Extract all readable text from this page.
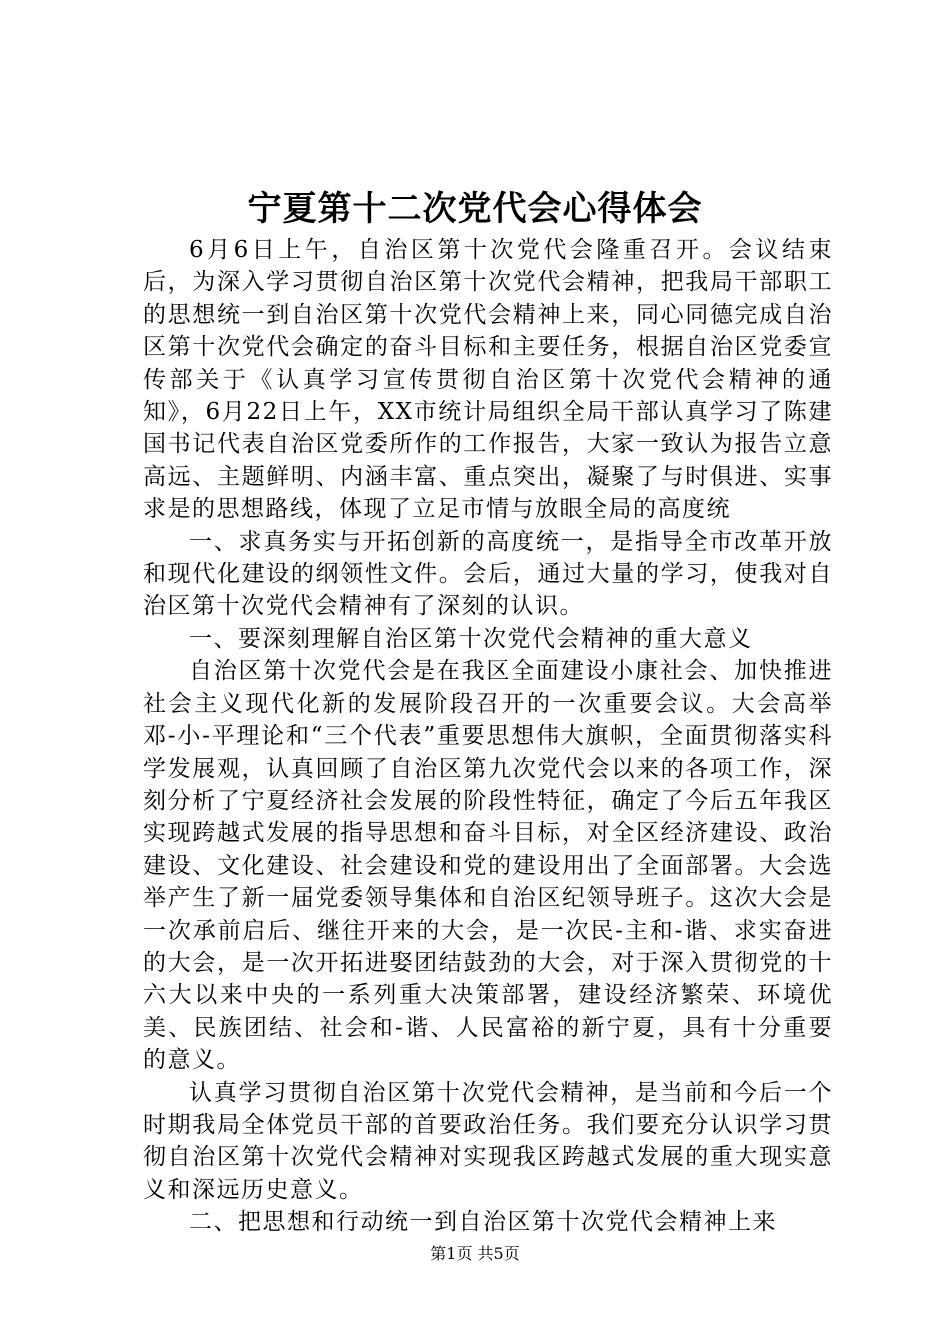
宁夏第十二次党代会心得体会

6月6日上午，自治区第十次党代会隆重召开。会议结束后，为深入学习贯彻自治区第十次党代会精神，把我局干部职工的思想统一到自治区第十次党代会精神上来，同心同德完成自治区第十次党代会确定的奋斗目标和主要任务，根据自治区党委宣传部关于《认真学习宣传贯彻自治区第十次党代会精神的通知》，6月22日上午，XX市统计局组织全局干部认真学习了陈建国书记代表自治区党委所作的工作报告，大家一致认为报告立意高远、主题鲜明、内涵丰富、重点突出，凝聚了与时俱进、实事求是的思想路线，体现了立足市情与放眼全局的高度统

一、求真务实与开拓创新的高度统一，是指导全市改革开放和现代化建设的纲领性文件。会后，通过大量的学习，使我对自治区第十次党代会精神有了深刻的认识。

一、要深刻理解自治区第十次党代会精神的重大意义

自治区第十次党代会是在我区全面建设小康社会、加快推进社会主义现代化新的发展阶段召开的一次重要会议。大会高举邓-小-平理论和“三个代表”重要思想伟大旗帜，全面贯彻落实科学发展观，认真回顾了自治区第九次党代会以来的各项工作，深刻分析了宁夏经济社会发展的阶段性特征，确定了今后五年我区实现跨越式发展的指导思想和奋斗目标，对全区经济建设、政治建设、文化建设、社会建设和党的建设用出了全面部署。大会选举产生了新一届党委领导集体和自治区纪领导班子。这次大会是一次承前启后、继往开来的大会，是一次民-主和-谐、求实奋进的大会，是一次开拓进娶团结鼓劲的大会，对于深入贯彻党的十六大以来中央的一系列重大决策部署，建设经济繁荣、环境优美、民族团结、社会和-谐、人民富裕的新宁夏，具有十分重要的意义。

认真学习贯彻自治区第十次党代会精神，是当前和今后一个时期我局全体党员干部的首要政治任务。我们要充分认识学习贯彻自治区第十次党代会精神对实现我区跨越式发展的重大现实意义和深远历史意义。

二、把思想和行动统一到自治区第十次党代会精神上来

第1页 共5页
